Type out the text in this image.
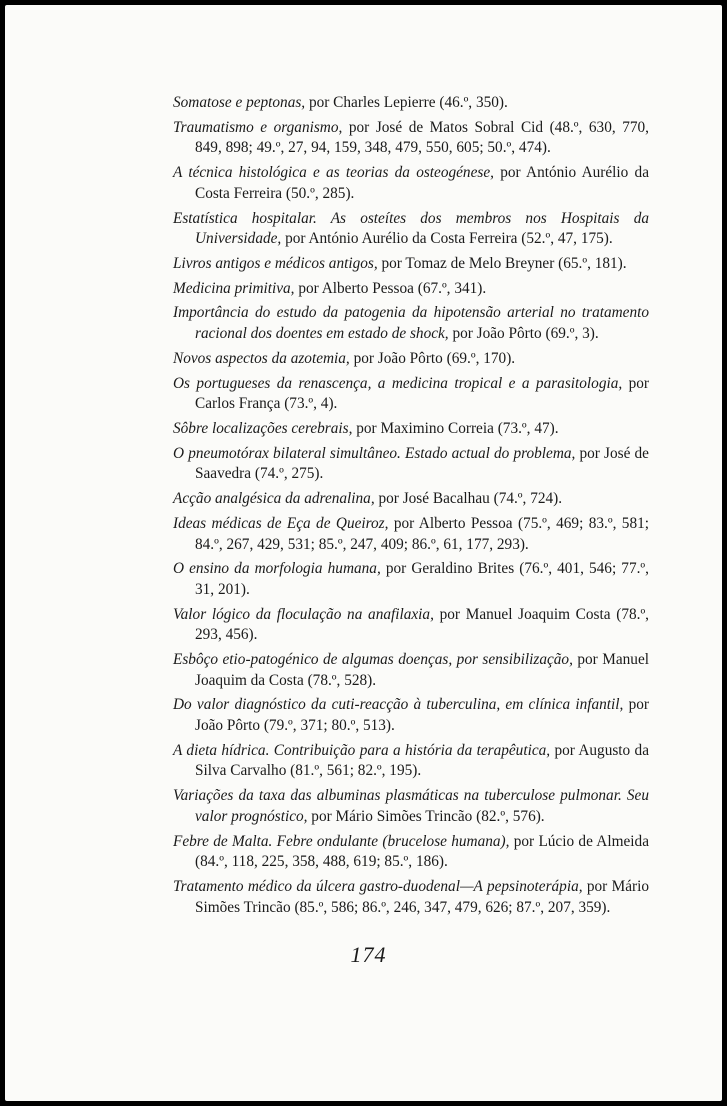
Somatose e peptonas, por Charles Lepierre (46.º, 350).
Traumatismo e organismo, por José de Matos Sobral Cid (48.º, 630, 770, 849, 898; 49.º, 27, 94, 159, 348, 479, 550, 605; 50.º, 474).
A técnica histológica e as teorias da osteogénese, por António Aurélio da Costa Ferreira (50.º, 285).
Estatística hospitalar. As osteítes dos membros nos Hospitais da Universidade, por António Aurélio da Costa Ferreira (52.º, 47, 175).
Livros antigos e médicos antigos, por Tomaz de Melo Breyner (65.º, 181).
Medicina primitiva, por Alberto Pessoa (67.º, 341).
Importância do estudo da patogenia da hipotensão arterial no tratamento racional dos doentes em estado de shock, por João Pôrto (69.º, 3).
Novos aspectos da azotemia, por João Pôrto (69.º, 170).
Os portugueses da renascença, a medicina tropical e a parasitologia, por Carlos França (73.º, 4).
Sôbre localizações cerebrais, por Maximino Correia (73.º, 47).
O pneumotórax bilateral simultâneo. Estado actual do problema, por José de Saavedra (74.º, 275).
Acção analgésica da adrenalina, por José Bacalhau (74.º, 724).
Ideas médicas de Eça de Queiroz, por Alberto Pessoa (75.º, 469; 83.º, 581; 84.º, 267, 429, 531; 85.º, 247, 409; 86.º, 61, 177, 293).
O ensino da morfologia humana, por Geraldino Brites (76.º, 401, 546; 77.º, 31, 201).
Valor lógico da floculação na anafilaxia, por Manuel Joaquim Costa (78.º, 293, 456).
Esbôço etio-patogénico de algumas doenças, por sensibilização, por Manuel Joaquim da Costa (78.º, 528).
Do valor diagnóstico da cuti-reacção à tuberculina, em clínica infantil, por João Pôrto (79.º, 371; 80.º, 513).
A dieta hídrica. Contribuição para a história da terapêutica, por Augusto da Silva Carvalho (81.º, 561; 82.º, 195).
Variações da taxa das albuminas plasmáticas na tuberculose pulmonar. Seu valor prognóstico, por Mário Simões Trincão (82.º, 576).
Febre de Malta. Febre ondulante (brucelose humana), por Lúcio de Almeida (84.º, 118, 225, 358, 488, 619; 85.º, 186).
Tratamento médico da úlcera gastro-duodenal—A pepsinoterápia, por Mário Simões Trincão (85.º, 586; 86.º, 246, 347, 479, 626; 87.º, 207, 359).
174
